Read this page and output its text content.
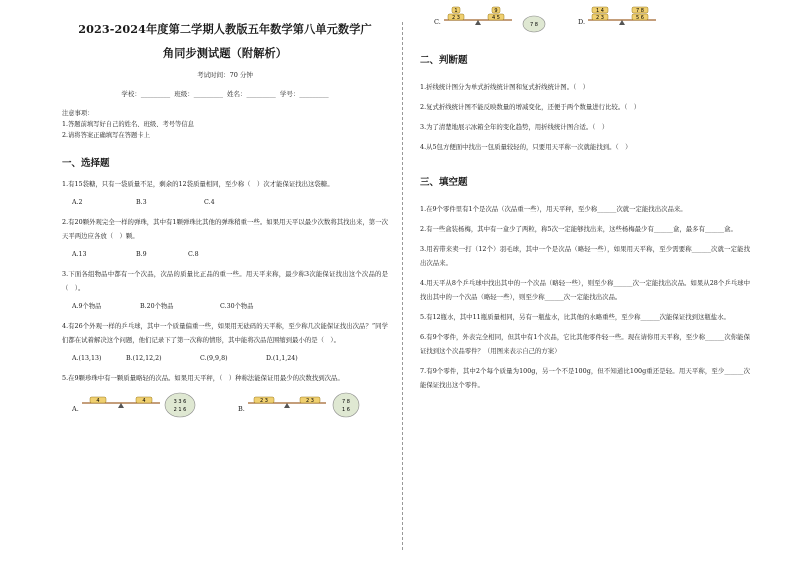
2023-2024年度第二学期人教版五年数学第八单元数学广
角同步测试题（附解析）
考试时间：70 分钟
学校：_________ 班级：_________ 姓名：_________ 学号：_________
注意事项：
1.答题前填写好自己的姓名、班级、考号等信息
2.请将答案正确填写在答题卡上
一、选择题
1.有15袋糖，只有一袋质量不足，剩余的12袋质量相同，至少称（　）次才能保证找出这袋糖。
A.2	B.3	C.4
2.有20颗外观完全一样的弹珠，其中有1颗弹珠比其他的弹珠稍重一些。如果用天平以最少次数将其找出来，第一次天平两边应各放（　）颗。
A.13	B.9	C.8
3.下面各组物品中都有一个次品，次品的质量比正品的重一些。用天平来称，最少称3次能保证找出这个次品的是（　）。
A.9个物品	B.20个物品	C.30个物品
4.有26个外观一样的乒乓球，其中一个质量偏重一些，如果用无砝码的天平称，至少称几次能保证找出次品？”同学们都在试着解决这个问题，他们记录下了第一次称的情形，其中能将次品范围缩到最小的是（　）。
A.(13,13)	B.(12,12,2)	C.(9,9,8)	D.(1,1,24)
5.在9颗珍珠中有一颗质量略轻的次品。如果用天平秤，（　）种称法能保证用最少的次数找到次品。
A.
4	4	3 3 6
2 1 6	B.
2 3	2 3	7 8
1 6
C.
1
2 3
9
4 5
7 8	D.
1 4
2 3
7 8
5 6
二、判断题
1.折线统计图分为单式折线统计图和复式折线统计图。（　）
2.复式折线统计图不能反映数量的增减变化，还便于两个数量进行比较。（　）
3.为了清楚地展示冰箱全年的变化趋势，用折线统计图合适。（　）
4.从5包方便面中找出一包质量较轻的，只要用天平称一次就能找到。（　）
三、填空题
1.在9个零件里有1个是次品（次品重一些），用天平秤，至少称______次就一定能找出次品来。
2.有一些盒装杨梅，其中有一盒少了两粒，称5次一定能够找出来，这些杨梅最少有______盒，最多有______盒。
3.用若带来卖一打（12个）羽毛球，其中一个是次品（略轻一些），如果用天平称，至少需要称______次就一定能找出次品来。
4.用天平从8个乒乓球中找出其中的一个次品（略轻一些），则至少称______次一定能找出次品。如果从28个乒乓球中找出其中的一个次品（略轻一些），则至少称______次一定能找出次品。
5.有12瓶水，其中11瓶质量相同，另有一瓶盐水，比其他的水略重些，至少称______次能保证找到这瓶盐水。
6.有9个零件，外表完全相同，但其中有1个次品，它比其他零件轻一些。现在请你用天平称，至少称______次你能保证找到这个次品零件？（用图来表示自己的方案）
7.有9个零件，其中2个每个质量为100g，另一个不是100g，但不知道比100g重还是轻。用天平称，至少______次能保证找出这个零件。
